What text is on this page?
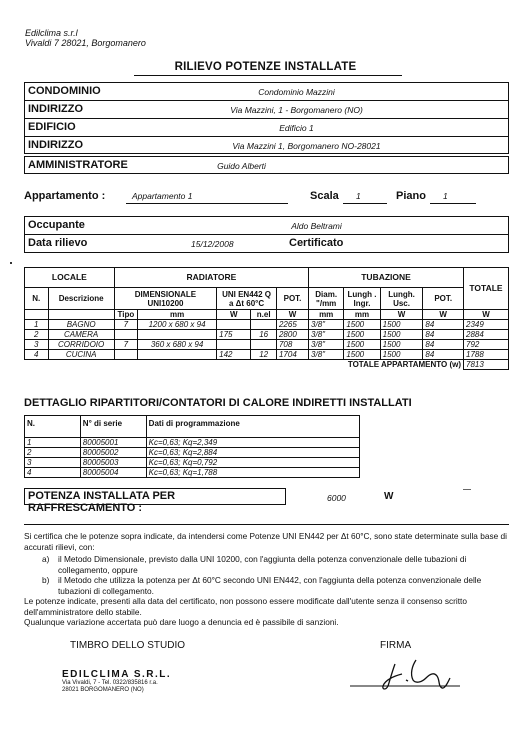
Edilclima s.r.l
Vivaldi 7 28021, Borgomanero
RILIEVO POTENZE INSTALLATE
CONDOMINIO	Condominio Mazzini
INDIRIZZO	Via Mazzini, 1 - Borgomanero (NO)
EDIFICIO	Edificio 1
INDIRIZZO	Via Mazzini 1, Borgomanero NO-28021
AMMINISTRATORE	Guido Alberti
Appartamento :	Appartamento 1	Scala 1	Piano 1
Occupante	Aldo Beltrami
Data rilievo	15/12/2008	Certificato
LOCALE		RADIATORE					TUBAZIONE				TOTALE
N.	Descrizione	DIMENSIONALE UNI10200		UNI EN442 Q a Δt 60°C		POT.	Diam. "/mm	Lungh . Ingr.	Lungh. Usc.	POT.	
		Tipo	mm	W	n.el	W	mm	mm	W	W	W
1	BAGNO	7	1200 x 680 x 94			2265	3/8"	1500	1500	84	2349
2	CAMERA			175	16	2800	3/8"	1500	1500	84	2884
3	CORRIDOIO	7	360 x 680 x 94			708	3/8"	1500	1500	84	792
4	CUCINA			142	12	1704	3/8"	1500	1500	84	1788
TOTALE APPARTAMENTO (w)											7813
DETTAGLIO RIPARTITORI/CONTATORI DI CALORE INDIRETTI INSTALLATI
N.	N° di serie	Dati di programmazione
1	80005001	Kc=0,63; Kq=2,349
2	80005002	Kc=0,63; Kq=2,884
3	80005003	Kc=0,63; Kq=0,792
4	80005004	Kc=0,63; Kq=1,788
POTENZA INSTALLATA PER RAFFRESCAMENTO :
6000	W
Si certifica che le potenze sopra indicate, da intendersi come Potenze UNI EN442 per Δt 60°C, sono state determinate sulla base di accurati rilievi, con:
a) il Metodo Dimensionale, previsto dalla UNI 10200, con l'aggiunta della potenza convenzionale delle tubazioni di collegamento, oppure
b) il Metodo che utilizza la potenza per Δt 60°C secondo UNI EN442, con l'aggiunta della potenza convenzionale delle tubazioni di collegamento.
Le potenze indicate, presenti alla data del certificato, non possono essere modificate dall'utente senza il consenso scritto dell'amministratore dello stabile.
Qualunque variazione accertata può dare luogo a denuncia ed è passibile di sanzioni.
TIMBRO DELLO STUDIO	FIRMA
EDILCLIMA S.R.L.
Via Vivaldi, 7 - Tel. 0322/835816 r.a.
28021 BORGOMANERO (NO)
